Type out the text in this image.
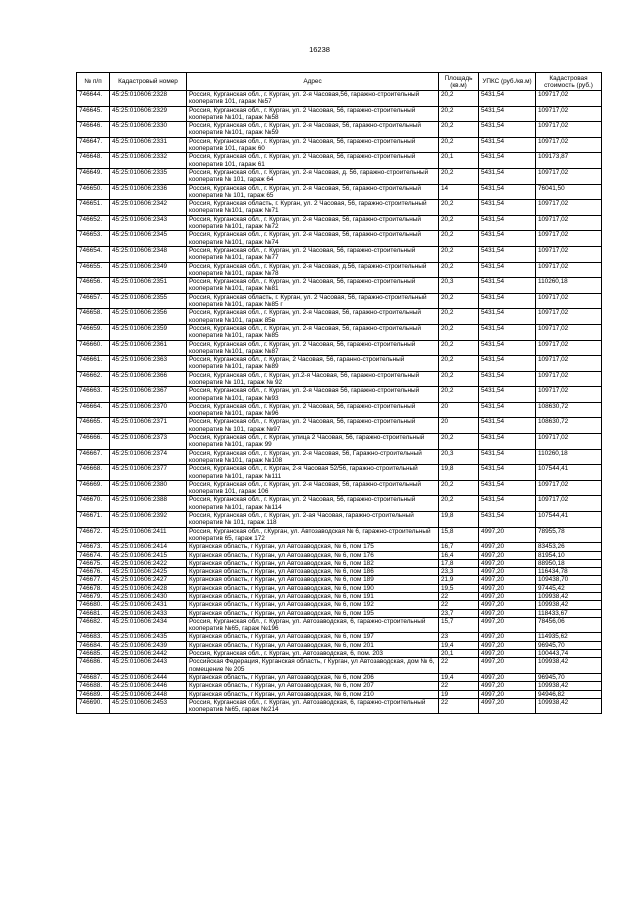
16238
№ п/п	Кадастровый номер	Адрес	Площадь (кв.м)	УПКС (руб./кв.м)	Кадастровая стоимость (руб.)
746644.	45:25:010606:2328	Россия, Курганская обл., г. Курган, ул. 2-я Часовая,56, гаражно-строительный кооператив 101, гараж №57	20,2	5431,54	109717,02
746645.	45:25:010606:2329	Россия, Курганская обл., г. Курган, ул. 2 Часовая, 56, гаражно-строительный кооператив №101, гараж №58	20,2	5431,54	109717,02
746646.	45:25:010606:2330	Россия, Курганская обл., г. Курган, ул. 2-я Часовая, 56, гаражно-строительный кооператив №101, гараж №59	20,2	5431,54	109717,02
746647.	45:25:010606:2331	Россия, Курганская обл., г. Курган, ул. 2 Часовая, 56, гаражно-строительный кооператив 101, гараж 60	20,2	5431,54	109717,02
746648.	45:25:010606:2332	Россия, Курганская обл., г. Курган, ул. 2 Часовая, 56, гаражно-строительный кооператив 101, гараж 61	20,1	5431,54	109173,87
746649.	45:25:010606:2335	Россия, Курганская обл., г. Курган, ул. 2-я Часовая, д. 56, гаражно-строительный кооператив № 101, гараж 64	20,2	5431,54	109717,02
746650.	45:25:010606:2336	Россия, Курганская обл., г. Курган, ул. 2-я Часовая, 56, гаражно-строительный кооператив № 101, гараж 65	14	5431,54	76041,50
746651.	45:25:010606:2342	Россия, Курганская область, г. Курган, ул. 2 Часовая, 56, гаражно-строительный кооператив №101, гараж №71	20,2	5431,54	109717,02
746652.	45:25:010606:2343	Россия, Курганская обл., г. Курган, ул. 2-я Часовая, 56, гаражно-строительный кооператив №101, гараж №72	20,2	5431,54	109717,02
746653.	45:25:010606:2345	Россия, Курганская обл., г. Курган, ул. 2-я Часовая, 56, гаражно-строительный кооператив №101, гараж №74	20,2	5431,54	109717,02
746654.	45:25:010606:2348	Россия, Курганская обл., г. Курган, ул. 2 Часовая, 56, гаражно-строительный кооператив №101, гараж №77	20,2	5431,54	109717,02
746655.	45:25:010606:2349	Россия, Курганская обл., г. Курган, ул. 2-я Часовая, д.56, гаражно-строительный кооператив №101, гараж №78	20,2	5431,54	109717,02
746656.	45:25:010606:2351	Россия, Курганская обл., г. Курган, ул. 2 Часовая, 56, гаражно-строительный кооператив №101, гараж №81	20,3	5431,54	110260,18
746657.	45:25:010606:2355	Россия, Курганская область, г. Курган, ул. 2 Часовая, 56, гаражно-строительный кооператив №101, гараж №85 г	20,2	5431,54	109717,02
746658.	45:25:010606:2356	Россия, Курганская обл., г. Курган, ул. 2-я Часовая, 56, гаражно-строительный кооператив №101, гараж 85в	20,2	5431,54	109717,02
746659.	45:25:010606:2359	Россия, Курганская обл., г. Курган, ул. 2-я Часовая, 56, гаражно-строительный кооператив №101, гараж №85	20,2	5431,54	109717,02
746660.	45:25:010606:2361	Россия, Курганская обл., г. Курган, ул. 2 Часовая, 56, гаражно-строительный кооператив №101, гараж №87	20,2	5431,54	109717,02
746661.	45:25:010606:2363	Россия, Курганская обл., г. Курган, 2 Часовая, 56, гаранно-строительный кооператив №101, гараж №89	20,2	5431,54	109717,02
746662.	45:25:010606:2366	Россия, Курганская обл., г. Курган, ул.2-я Часовая, 56, гаражно-строительный кооператив № 101, гараж № 92	20,2	5431,54	109717,02
746663.	45:25:010606:2367	Россия, Курганская обл., г. Курган, ул. 2-я Часовая 56, гаражно-строительный кооператив №101, гараж №93	20,2	5431,54	109717,02
746664.	45:25:010606:2370	Россия, Курганская обл., г. Курган, ул. 2 Часовая, 56, гаражно-строительный кооператив №101, гараж №96	20	5431,54	108630,72
746665.	45:25:010606:2371	Россия, Курганская обл., г. Курган, ул. 2 Часовая, 56, гаражно-строительный кооператив № 101, гараж №97	20	5431,54	108630,72
746666.	45:25:010606:2373	Россия, Курганская обл., г. Курган, улица 2 Часовая, 56, гаражно-строительный кооператив №101, гараж 99	20,2	5431,54	109717,02
746667.	45:25:010606:2374	Россия, Курганская обл., г. Курган, ул. 2-я Часовая, 56, Гаражно-строительный кооператив №101, гараж №108	20,3	5431,54	110260,18
746668.	45:25:010606:2377	Россия, Курганская обл., г. Курган, 2-я Часовая 52/56, гаражно-строительный кооператив №101, гараж №111	19,8	5431,54	107544,41
746669.	45:25:010606:2380	Россия, Курганская обл., г. Курган, ул. 2-я Часовая, 56, гаражно-строительный кооператив 101, гараж 106	20,2	5431,54	109717,02
746670.	45:25:010606:2388	Россия, Курганская обл., г. Курган, ул. 2 Часовая, 56, гаражно-строительный кооператив №101, гараж №114	20,2	5431,54	109717,02
746671.	45:25:010606:2392	Россия, Курганская обл., г. Курган, ул. 2-ая Часовая, гаражно-строительный кооператив № 101, гараж 118	19,8	5431,54	107544,41
746672.	45:25:010606:2411	Россия, Курганская обл., г.Курган, ул. Автозаводская № 6, гаражно-строительный кооператив 65, гараж 172	15,8	4997,20	78955,78
746673.	45:25:010606:2414	Курганская область, г Курган, ул Автозаводская, № 6, пом 175	16,7	4997,20	83453,26
746674.	45:25:010606:2415	Курганская область, г Курган, ул Автозаводская, № 6, пом 176	16,4	4997,20	81954,10
746675.	45:25:010606:2422	Курганская область, г Курган, ул Автозаводская, № 6, пом 182	17,8	4997,20	88950,18
746676.	45:25:010606:2425	Курганская область, г Курган, ул Автозаводская, № 6, пом 186	23,3	4997,20	116434,78
746677.	45:25:010606:2427	Курганская область, г Курган, ул Автозаводская, № 6, пом 189	21,9	4997,20	109438,70
746678.	45:25:010606:2428	Курганская область, г Курган, ул Автозаводская, № 6, пом 190	19,5	4997,20	97445,42
746679.	45:25:010606:2430	Курганская область, г Курган, ул Автозаводская, № 6, пом 191	22	4997,20	109938,42
746680.	45:25:010606:2431	Курганская область, г Курган, ул Автозаводская, № 6, пом 192	22	4997,20	109938,42
746681.	45:25:010606:2433	Курганская область, г Курган, ул Автозаводская, № 6, пом 195	23,7	4997,20	118433,67
746682.	45:25:010606:2434	Россия, Курганская обл., г. Курган, ул. Автозаводская, 6, гаражно-строительный кооператив №65, гараж №196	15,7	4997,20	78456,06
746683.	45:25:010606:2435	Курганская область, г Курган, ул Автозаводская, № 6, пом 197	23	4997,20	114935,62
746684.	45:25:010606:2439	Курганская область, г Курган, ул Автозаводская, № 6, пом 201	19,4	4997,20	96945,70
746685.	45:25:010606:2442	Россия, Курганская обл., г. Курган, ул. Автозаводская, 6, пом. 203	20,1	4997,20	100443,74
746686.	45:25:010606:2443	Российская Федерация, Курганская область, г Курган, ул Автозаводская, дом № 6, помещение № 205	22	4997,20	109938,42
746687.	45:25:010606:2444	Курганская область, г Курган, ул Автозаводская, № 6, пом 206	19,4	4997,20	96945,70
746688.	45:25:010606:2446	Курганская область, г Курган, ул Автозаводская, № 6, пом 207	22	4997,20	109938,42
746689.	45:25:010606:2448	Курганская область, г Курган, ул Автозаводская, № 6, пом 210	19	4997,20	94946,82
746690.	45:25:010606:2453	Россия, Курганская обл., г. Курган, ул. Автозаводская, 6, гаражно-строительный кооператив №65, гараж №214	22	4997,20	109938,42
